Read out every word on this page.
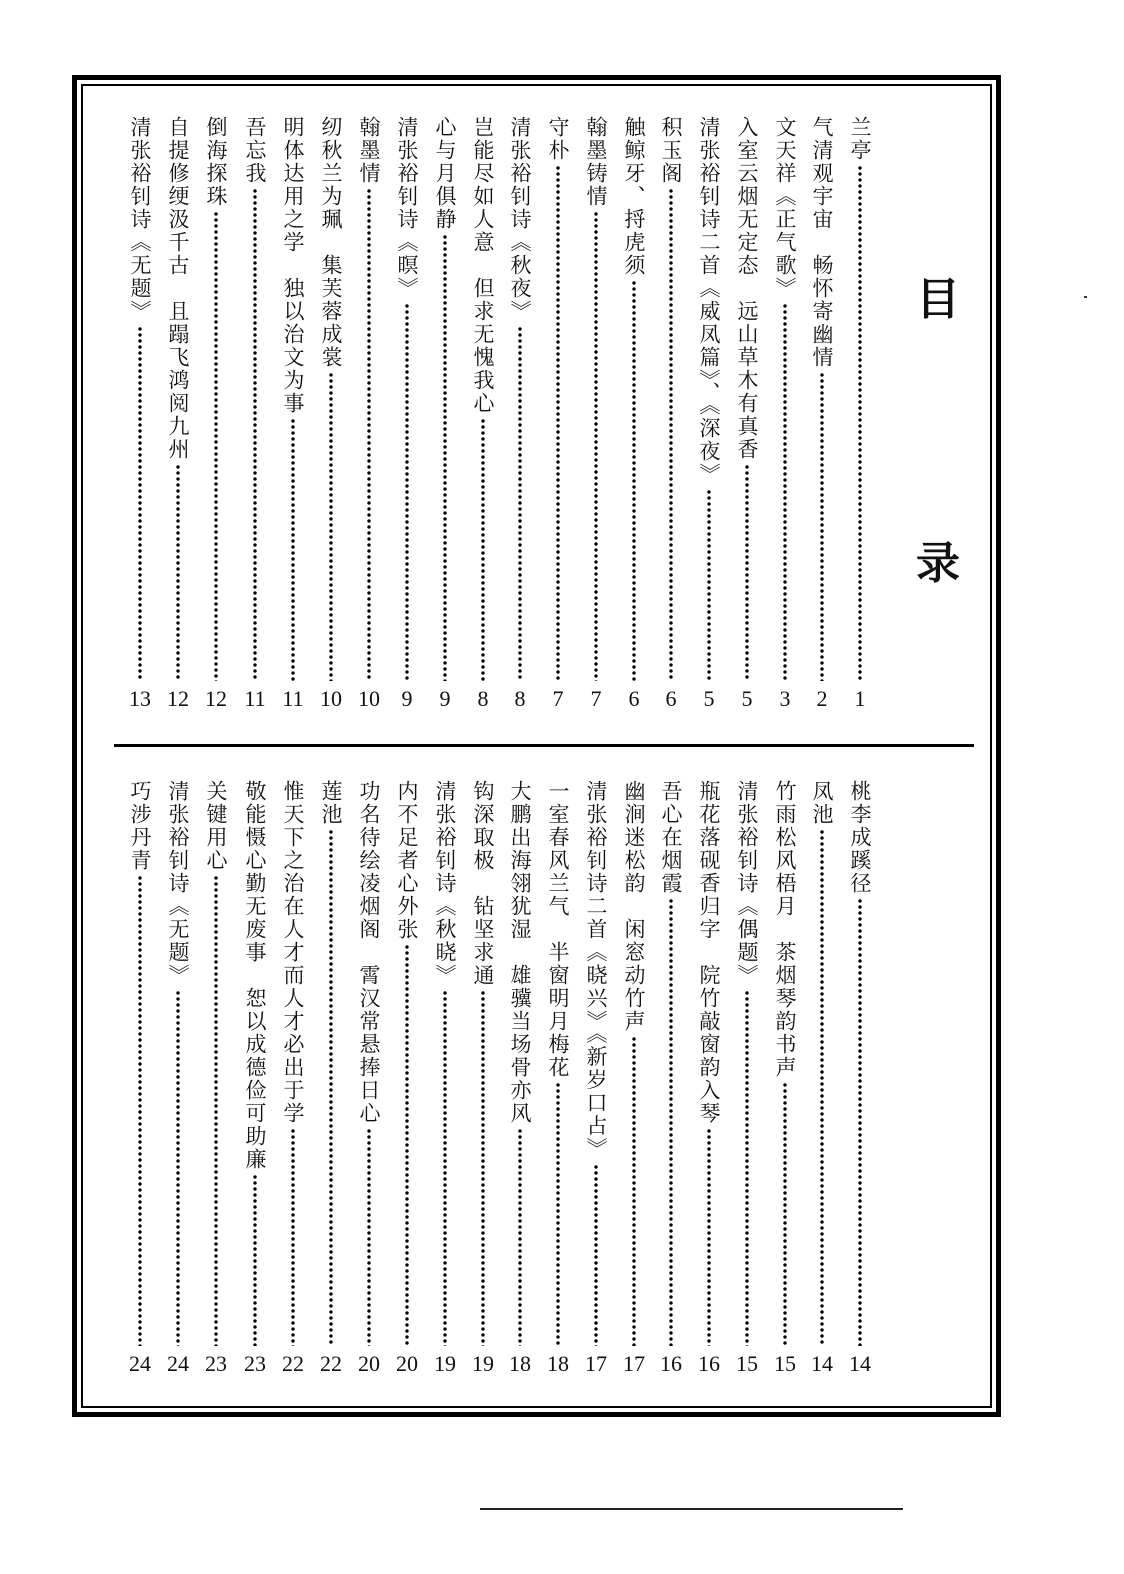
目
录
兰亭
1
气清观宇宙　畅怀寄幽情
2
文天祥《正气歌》
3
入室云烟无定态　远山草木有真香
5
清张裕钊诗二首《威凤篇》、《深夜》
5
积玉阁
6
触鲸牙、捋虎须
6
翰墨铸情
7
守朴
7
清张裕钊诗《秋夜》
8
岂能尽如人意　但求无愧我心
8
心与月俱静
9
清张裕钊诗《暝》
9
翰墨情
10
纫秋兰为珮　集芙蓉成裳
10
明体达用之学　独以治文为事
11
吾忘我
11
倒海探珠
12
自提修绠汲千古　且蹋飞鸿阅九州
12
清张裕钊诗《无题》
13
桃李成蹊径
14
凤池
14
竹雨松风梧月　茶烟琴韵书声
15
清张裕钊诗《偶题》
15
瓶花落砚香归字　院竹敲窗韵入琴
16
吾心在烟霞
16
幽涧迷松韵　闲窓动竹声
17
清张裕钊诗二首《晓兴》《新岁口占》
17
一室春风兰气　半窗明月梅花
18
大鹏出海翎犹湿　雄骥当场骨亦风
18
钩深取极　钻坚求通
19
清张裕钊诗《秋晓》
19
内不足者心外张
20
功名待绘凌烟阁　霄汉常悬捧日心
20
莲池
22
惟天下之治在人才而人才必出于学
22
敬能慑心勤无废事　恕以成德俭可助廉
23
关键用心
23
清张裕钊诗《无题》
24
巧涉丹青
24
